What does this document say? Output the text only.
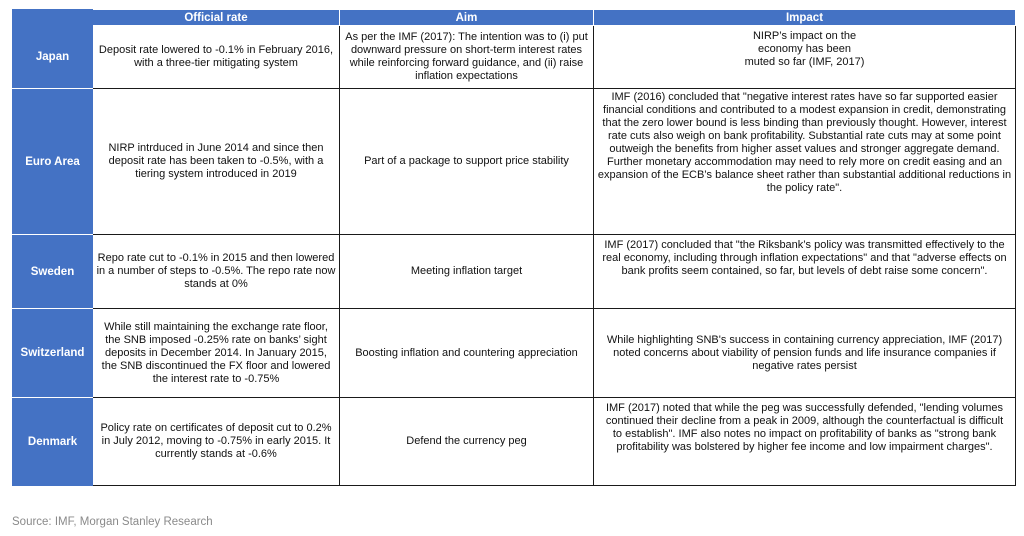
	Official rate	Aim	Impact
Japan	Deposit rate lowered to -0.1% in February 2016, with a three-tier mitigating system	As per the IMF (2017): The intention was to (i) put downward pressure on short-term interest rates while reinforcing forward guidance, and (ii) raise inflation expectations	NIRP’s impact on the economy has been muted so far (IMF, 2017)
Euro Area	NIRP intrduced in June 2014 and since then deposit rate has been taken to -0.5%, with a tiering system introduced in 2019	Part of a package to support price stability	IMF (2016) concluded that "negative interest rates have so far supported easier financial conditions and contributed to a modest expansion in credit, demonstrating that the zero lower bound is less binding than previously thought. However, interest rate cuts also weigh on bank profitability. Substantial rate cuts may at some point outweigh the benefits from higher asset values and stronger aggregate demand. Further monetary accommodation may need to rely more on credit easing and an expansion of the ECB’s balance sheet rather than substantial additional reductions in the policy rate".
Sweden	Repo rate cut to -0.1% in 2015 and then lowered in a number of steps to -0.5%. The repo rate now stands at 0%	Meeting inflation target	IMF (2017) concluded that "the Riksbank’s policy was transmitted effectively to the real economy, including through inflation expectations" and that "adverse effects on bank profits seem contained, so far, but levels of debt raise some concern".
Switzerland	While still maintaining the exchange rate floor, the SNB imposed -0.25% rate on banks’ sight deposits in December 2014. In January 2015, the SNB discontinued the FX floor and lowered the interest rate to -0.75%	Boosting inflation and countering appreciation	While highlighting SNB's success in containing currency appreciation, IMF (2017) noted concerns about viability of pension funds and life insurance companies if negative rates persist
Denmark	Policy rate on certificates of deposit cut to 0.2% in July 2012, moving to -0.75% in early 2015. It currently stands at -0.6%	Defend the currency peg	IMF (2017) noted that while the peg was successfully defended, "lending volumes continued their decline from a peak in 2009, although the counterfactual is difficult to establish". IMF also notes no impact on profitability of banks as "strong bank profitability was bolstered by higher fee income and low impairment charges".
Source: IMF, Morgan Stanley Research
